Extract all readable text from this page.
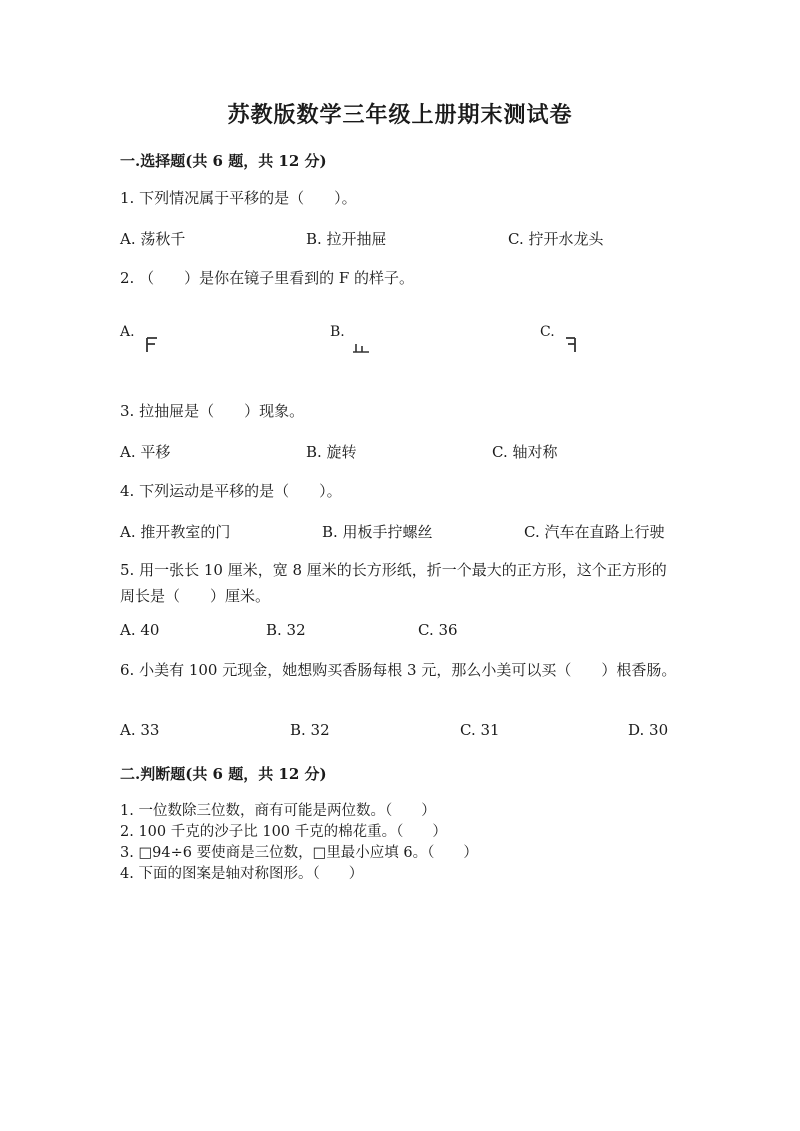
苏教版数学三年级上册期末测试卷
一.选择题(共 6 题，共 12 分)
1. 下列情况属于平移的是（　　）。
A. 荡秋千	B. 拉开抽屉	C. 拧开水龙头
2. （　　）是你在镜子里看到的 F 的样子。
A.	B.	C.
3. 拉抽屉是（　　）现象。
A. 平移	B. 旋转	C. 轴对称
4. 下列运动是平移的是（　　）。
A. 推开教室的门	B. 用板手拧螺丝	C. 汽车在直路上行驶
5. 用一张长 10 厘米，宽 8 厘米的长方形纸，折一个最大的正方形，这个正方形的周长是（　　）厘米。
A. 40	B. 32	C. 36
6. 小美有 100 元现金，她想购买香肠每根 3 元，那么小美可以买（　　）根香肠。
A. 33	B. 32	C. 31	D. 30
二.判断题(共 6 题，共 12 分)
1. 一位数除三位数，商有可能是两位数。（　　）
2. 100 千克的沙子比 100 千克的棉花重。（　　）
3. □94÷6 要使商是三位数，□里最小应填 6。（　　）
4. 下面的图案是轴对称图形。（　　）
